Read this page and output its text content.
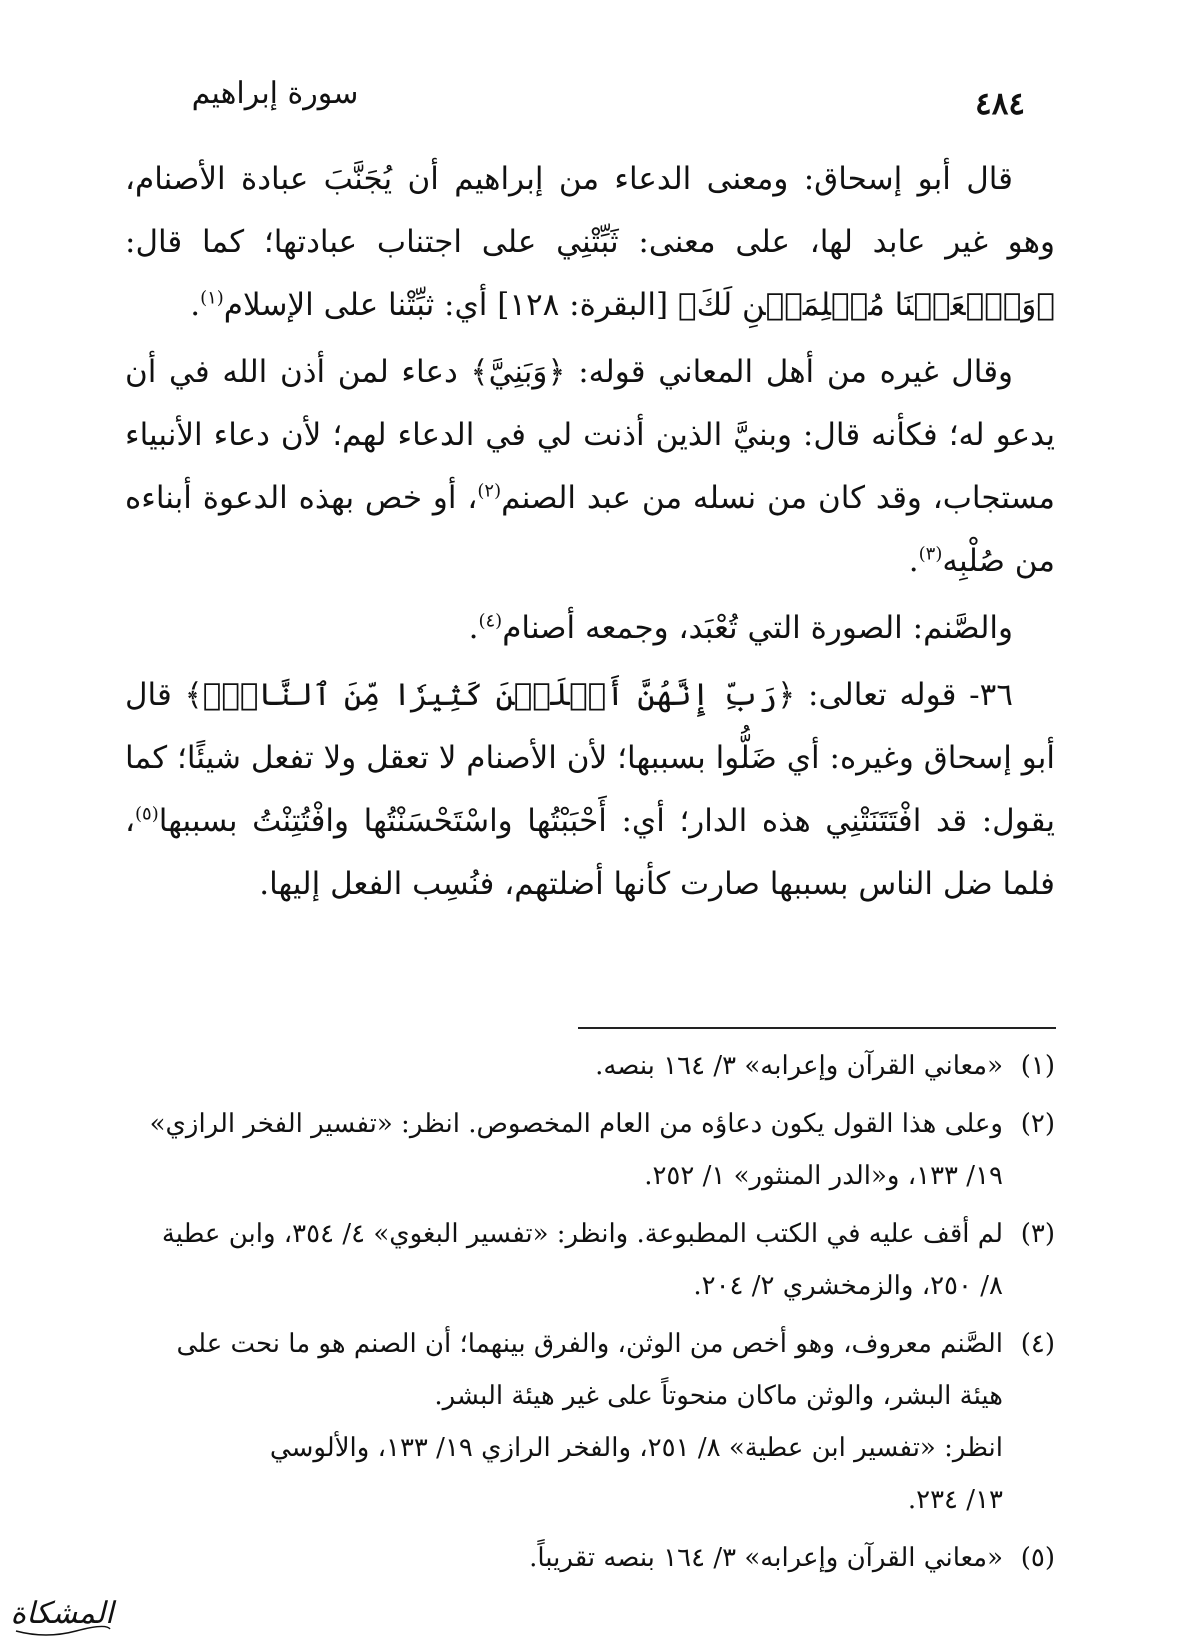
سورة إبراهيم	٤٨٤

قال أبو إسحاق: ومعنى الدعاء من إبراهيم أن يُجَنَّبَ عبادة الأصنام، وهو غير عابد لها، على معنى: ثَبِّتْنِي على اجتناب عبادتها؛ كما قال: ﴿وَٱجۡعَلۡنَا مُسۡلِمَيۡنِ لَكَ﴾ [البقرة: ١٢٨] أي: ثبِّتْنا على الإسلام$^{(١)}$.

وقال غيره من أهل المعاني قوله: ﴿وَبَنِيَّ﴾ دعاء لمن أذن الله في أن يدعو له؛ فكأنه قال: وبنيَّ الذين أذنت لي في الدعاء لهم؛ لأن دعاء الأنبياء مستجاب، وقد كان من نسله من عبد الصنم$^{(٢)}$، أو خص بهذه الدعوة أبناءه من صُلْبِه$^{(٣)}$.

والصَّنم: الصورة التي تُعْبَد، وجمعه أصنام$^{(٤)}$.

٣٦- قوله تعالى: ﴿رَبِّ إِنَّهُنَّ أَضۡلَلۡنَ كَثِيرٗا مِّنَ ٱلنَّاسِۖ﴾ قال أبو إسحاق وغيره: أي ضَلُّوا بسببها؛ لأن الأصنام لا تعقل ولا تفعل شيئًا؛ كما يقول: قد افْتَتَنَتْنِي هذه الدار؛ أي: أَحْبَبْتُها واسْتَحْسَنْتُها وافْتُتِنْتُ بسببها$^{(٥)}$، فلما ضل الناس بسببها صارت كأنها أضلتهم، فنُسِب الفعل إليها.

(١)
«معاني القرآن وإعرابه» ٣/ ١٦٤ بنصه.
(٢)
وعلى هذا القول يكون دعاؤه من العام المخصوص. انظر: «تفسير الفخر الرازي»
١٩/ ١٣٣، و«الدر المنثور» ١/ ٢٥٢.
(٣)
لم أقف عليه في الكتب المطبوعة. وانظر: «تفسير البغوي» ٤/ ٣٥٤، وابن عطية
٨/ ٢٥٠، والزمخشري ٢/ ٢٠٤.
(٤)
الصَّنم معروف، وهو أخص من الوثن، والفرق بينهما؛ أن الصنم هو ما نحت على
هيئة البشر، والوثن ماكان منحوتاً على غير هيئة البشر.
انظر: «تفسير ابن عطية» ٨/ ٢٥١، والفخر الرازي ١٩/ ١٣٣، والألوسي
١٣/ ٢٣٤.
(٥)
«معاني القرآن وإعرابه» ٣/ ١٦٤ بنصه تقريباً.
المشكاة
